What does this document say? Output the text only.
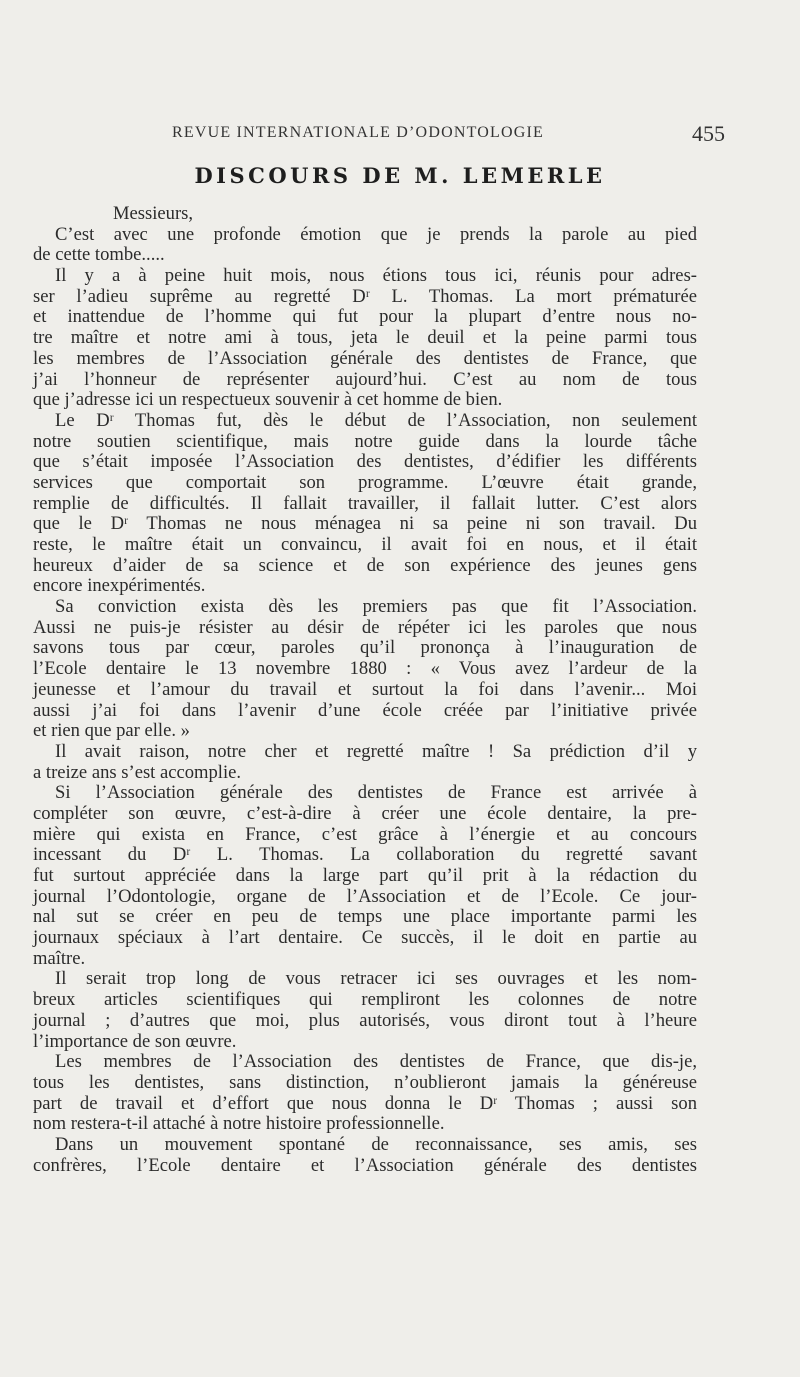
REVUE INTERNATIONALE D’ODONTOLOGIE	455
DISCOURS DE M. LEMERLE
Messieurs,
C’est avec une profonde émotion que je prends la parole au pied
de cette tombe.....
Il y a à peine huit mois, nous étions tous ici, réunis pour adres-
ser l’adieu suprême au regretté Dʳ L. Thomas. La mort prématurée
et inattendue de l’homme qui fut pour la plupart d’entre nous no-
tre maître et notre ami à tous, jeta le deuil et la peine parmi tous
les membres de l’Association générale des dentistes de France, que
j’ai l’honneur de représenter aujourd’hui. C’est au nom de tous
que j’adresse ici un respectueux souvenir à cet homme de bien.
Le Dʳ Thomas fut, dès le début de l’Association, non seulement
notre soutien scientifique, mais notre guide dans la lourde tâche
que s’était imposée l’Association des dentistes, d’édifier les différents
services que comportait son programme. L’œuvre était grande,
remplie de difficultés. Il fallait travailler, il fallait lutter. C’est alors
que le Dʳ Thomas ne nous ménagea ni sa peine ni son travail. Du
reste, le maître était un convaincu, il avait foi en nous, et il était
heureux d’aider de sa science et de son expérience des jeunes gens
encore inexpérimentés.
Sa conviction exista dès les premiers pas que fit l’Association.
Aussi ne puis-je résister au désir de répéter ici les paroles que nous
savons tous par cœur, paroles qu’il prononça à l’inauguration de
l’Ecole dentaire le 13 novembre 1880 : « Vous avez l’ardeur de la
jeunesse et l’amour du travail et surtout la foi dans l’avenir... Moi
aussi j’ai foi dans l’avenir d’une école créée par l’initiative privée
et rien que par elle. »
Il avait raison, notre cher et regretté maître ! Sa prédiction d’il y
a treize ans s’est accomplie.
Si l’Association générale des dentistes de France est arrivée à
compléter son œuvre, c’est-à-dire à créer une école dentaire, la pre-
mière qui exista en France, c’est grâce à l’énergie et au concours
incessant du Dʳ L. Thomas. La collaboration du regretté savant
fut surtout appréciée dans la large part qu’il prit à la rédaction du
journal l’Odontologie, organe de l’Association et de l’Ecole. Ce jour-
nal sut se créer en peu de temps une place importante parmi les
journaux spéciaux à l’art dentaire. Ce succès, il le doit en partie au
maître.
Il serait trop long de vous retracer ici ses ouvrages et les nom-
breux articles scientifiques qui rempliront les colonnes de notre
journal ; d’autres que moi, plus autorisés, vous diront tout à l’heure
l’importance de son œuvre.
Les membres de l’Association des dentistes de France, que dis-je,
tous les dentistes, sans distinction, n’oublieront jamais la généreuse
part de travail et d’effort que nous donna le Dʳ Thomas ; aussi son
nom restera-t-il attaché à notre histoire professionnelle.
Dans un mouvement spontané de reconnaissance, ses amis, ses
confrères, l’Ecole dentaire et l’Association générale des dentistes
